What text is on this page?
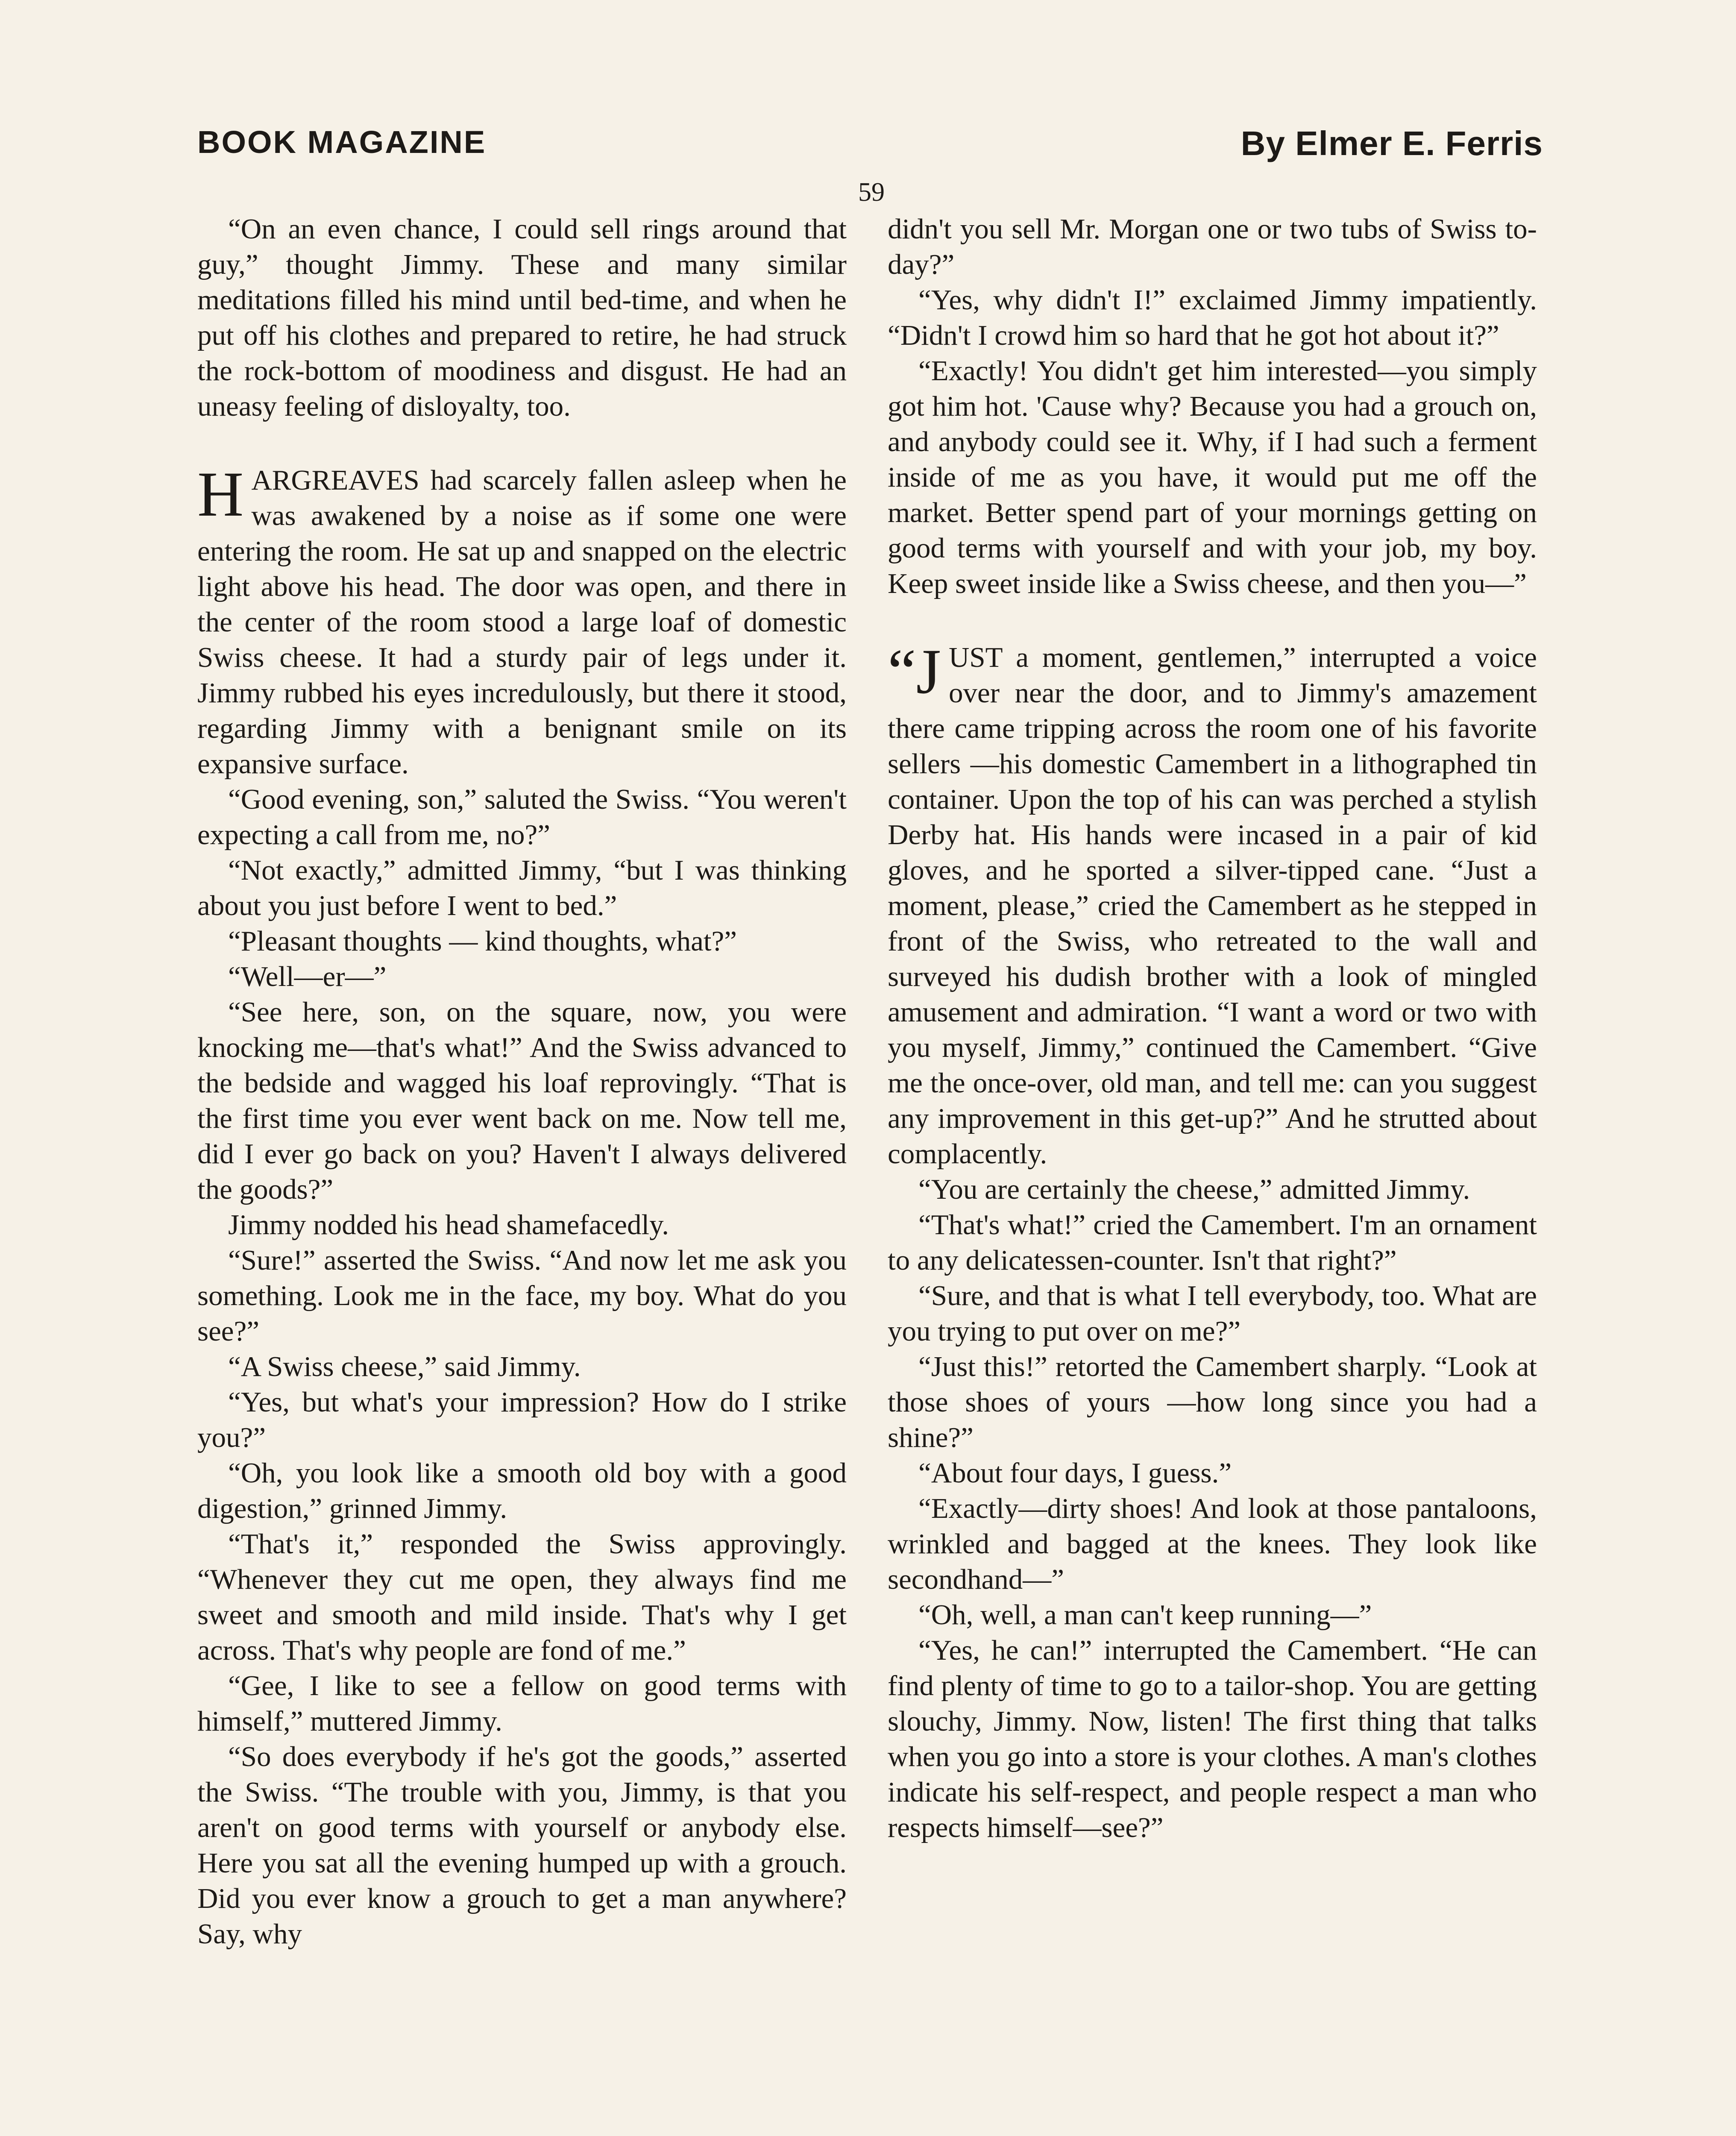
BOOK MAGAZINE	By Elmer E. Ferris
59

“On an even chance, I could sell rings around that guy,” thought Jimmy. These and many similar meditations filled his mind until bed-time, and when he put off his clothes and prepared to retire, he had struck the rock-bottom of moodiness and disgust. He had an uneasy feeling of disloyalty, too.

HARGREAVES had scarcely fallen asleep when he was awakened by a noise as if some one were entering the room. He sat up and snapped on the electric light above his head. The door was open, and there in the center of the room stood a large loaf of domestic Swiss cheese. It had a sturdy pair of legs under it. Jimmy rubbed his eyes incredulously, but there it stood, regarding Jimmy with a benignant smile on its expansive surface.

“Good evening, son,” saluted the Swiss. “You weren't expecting a call from me, no?”

“Not exactly,” admitted Jimmy, “but I was thinking about you just before I went to bed.”

“Pleasant thoughts — kind thoughts, what?”

“Well—er—”

“See here, son, on the square, now, you were knocking me—that's what!” And the Swiss advanced to the bedside and wagged his loaf reprovingly. “That is the first time you ever went back on me. Now tell me, did I ever go back on you? Haven't I always delivered the goods?”

Jimmy nodded his head shamefacedly.

“Sure!” asserted the Swiss. “And now let me ask you something. Look me in the face, my boy. What do you see?”

“A Swiss cheese,” said Jimmy.

“Yes, but what's your impression? How do I strike you?”

“Oh, you look like a smooth old boy with a good digestion,” grinned Jimmy.

“That's it,” responded the Swiss approvingly. “Whenever they cut me open, they always find me sweet and smooth and mild inside. That's why I get across. That's why people are fond of me.”

“Gee, I like to see a fellow on good terms with himself,” muttered Jimmy.

“So does everybody if he's got the goods,” asserted the Swiss. “The trouble with you, Jimmy, is that you aren't on good terms with yourself or anybody else. Here you sat all the evening humped up with a grouch. Did you ever know a grouch to get a man anywhere? Say, why

didn't you sell Mr. Morgan one or two tubs of Swiss to-day?”

“Yes, why didn't I!” exclaimed Jimmy impatiently. “Didn't I crowd him so hard that he got hot about it?”

“Exactly! You didn't get him interested—you simply got him hot. 'Cause why? Because you had a grouch on, and anybody could see it. Why, if I had such a ferment inside of me as you have, it would put me off the market. Better spend part of your mornings getting on good terms with yourself and with your job, my boy. Keep sweet inside like a Swiss cheese, and then you—”

“JUST a moment, gentlemen,” interrupted a voice over near the door, and to Jimmy's amazement there came tripping across the room one of his favorite sellers —his domestic Camembert in a lithographed tin container. Upon the top of his can was perched a stylish Derby hat. His hands were incased in a pair of kid gloves, and he sported a silver-tipped cane. “Just a moment, please,” cried the Camembert as he stepped in front of the Swiss, who retreated to the wall and surveyed his dudish brother with a look of mingled amusement and admiration. “I want a word or two with you myself, Jimmy,” continued the Camembert. “Give me the once-over, old man, and tell me: can you suggest any improvement in this get-up?” And he strutted about complacently.

“You are certainly the cheese,” admitted Jimmy.

“That's what!” cried the Camembert. I'm an ornament to any delicatessen-counter. Isn't that right?”

“Sure, and that is what I tell everybody, too. What are you trying to put over on me?”

“Just this!” retorted the Camembert sharply. “Look at those shoes of yours —how long since you had a shine?”

“About four days, I guess.”

“Exactly—dirty shoes! And look at those pantaloons, wrinkled and bagged at the knees. They look like secondhand—”

“Oh, well, a man can't keep running—”

“Yes, he can!” interrupted the Camembert. “He can find plenty of time to go to a tailor-shop. You are getting slouchy, Jimmy. Now, listen! The first thing that talks when you go into a store is your clothes. A man's clothes indicate his self-respect, and people respect a man who respects himself—see?”
